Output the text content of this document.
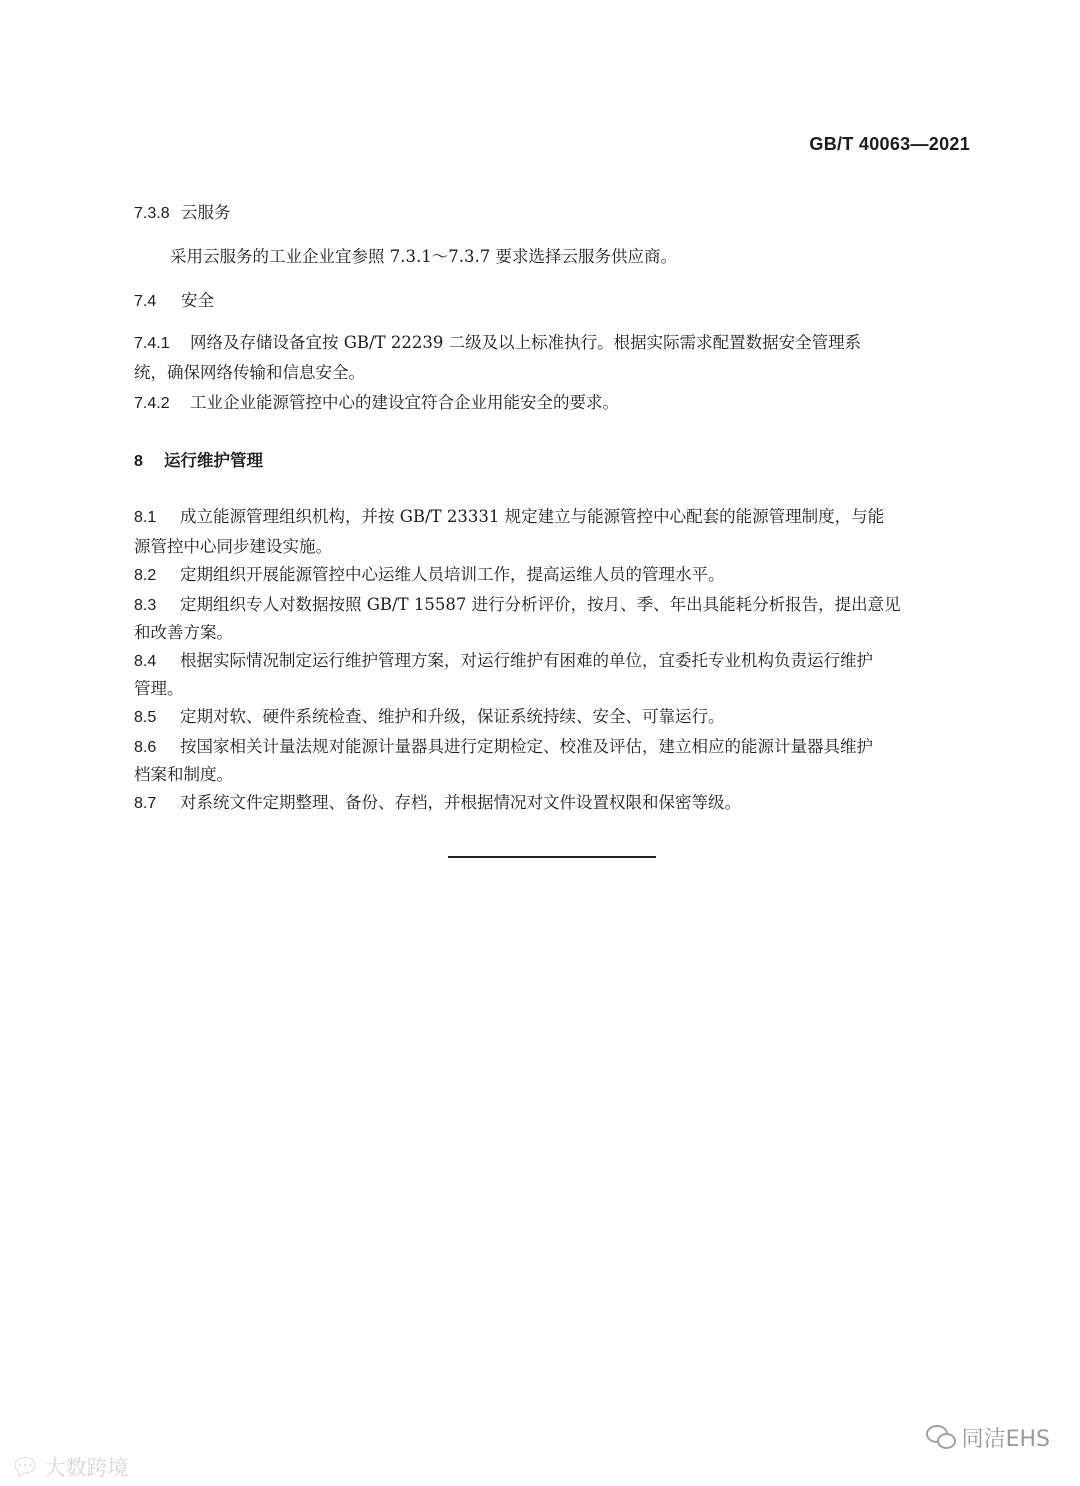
GB/T 40063—2021
7.3.8 云服务
采用云服务的工业企业宜参照 7.3.1～7.3.7 要求选择云服务供应商。
7.4 安全
7.4.1 网络及存储设备宜按 GB/T 22239 二级及以上标准执行。根据实际需求配置数据安全管理系
统，确保网络传输和信息安全。
7.4.2 工业企业能源管控中心的建设宜符合企业用能安全的要求。
8 运行维护管理
8.1 成立能源管理组织机构，并按 GB/T 23331 规定建立与能源管控中心配套的能源管理制度，与能
源管控中心同步建设实施。
8.2 定期组织开展能源管控中心运维人员培训工作，提高运维人员的管理水平。
8.3 定期组织专人对数据按照 GB/T 15587 进行分析评价，按月、季、年出具能耗分析报告，提出意见
和改善方案。
8.4 根据实际情况制定运行维护管理方案，对运行维护有困难的单位，宜委托专业机构负责运行维护
管理。
8.5 定期对软、硬件系统检查、维护和升级，保证系统持续、安全、可靠运行。
8.6 按国家相关计量法规对能源计量器具进行定期检定、校准及评估，建立相应的能源计量器具维护
档案和制度。
8.7 对系统文件定期整理、备份、存档，并根据情况对文件设置权限和保密等级。
💬︎ 大数跨境
同洁EHS
